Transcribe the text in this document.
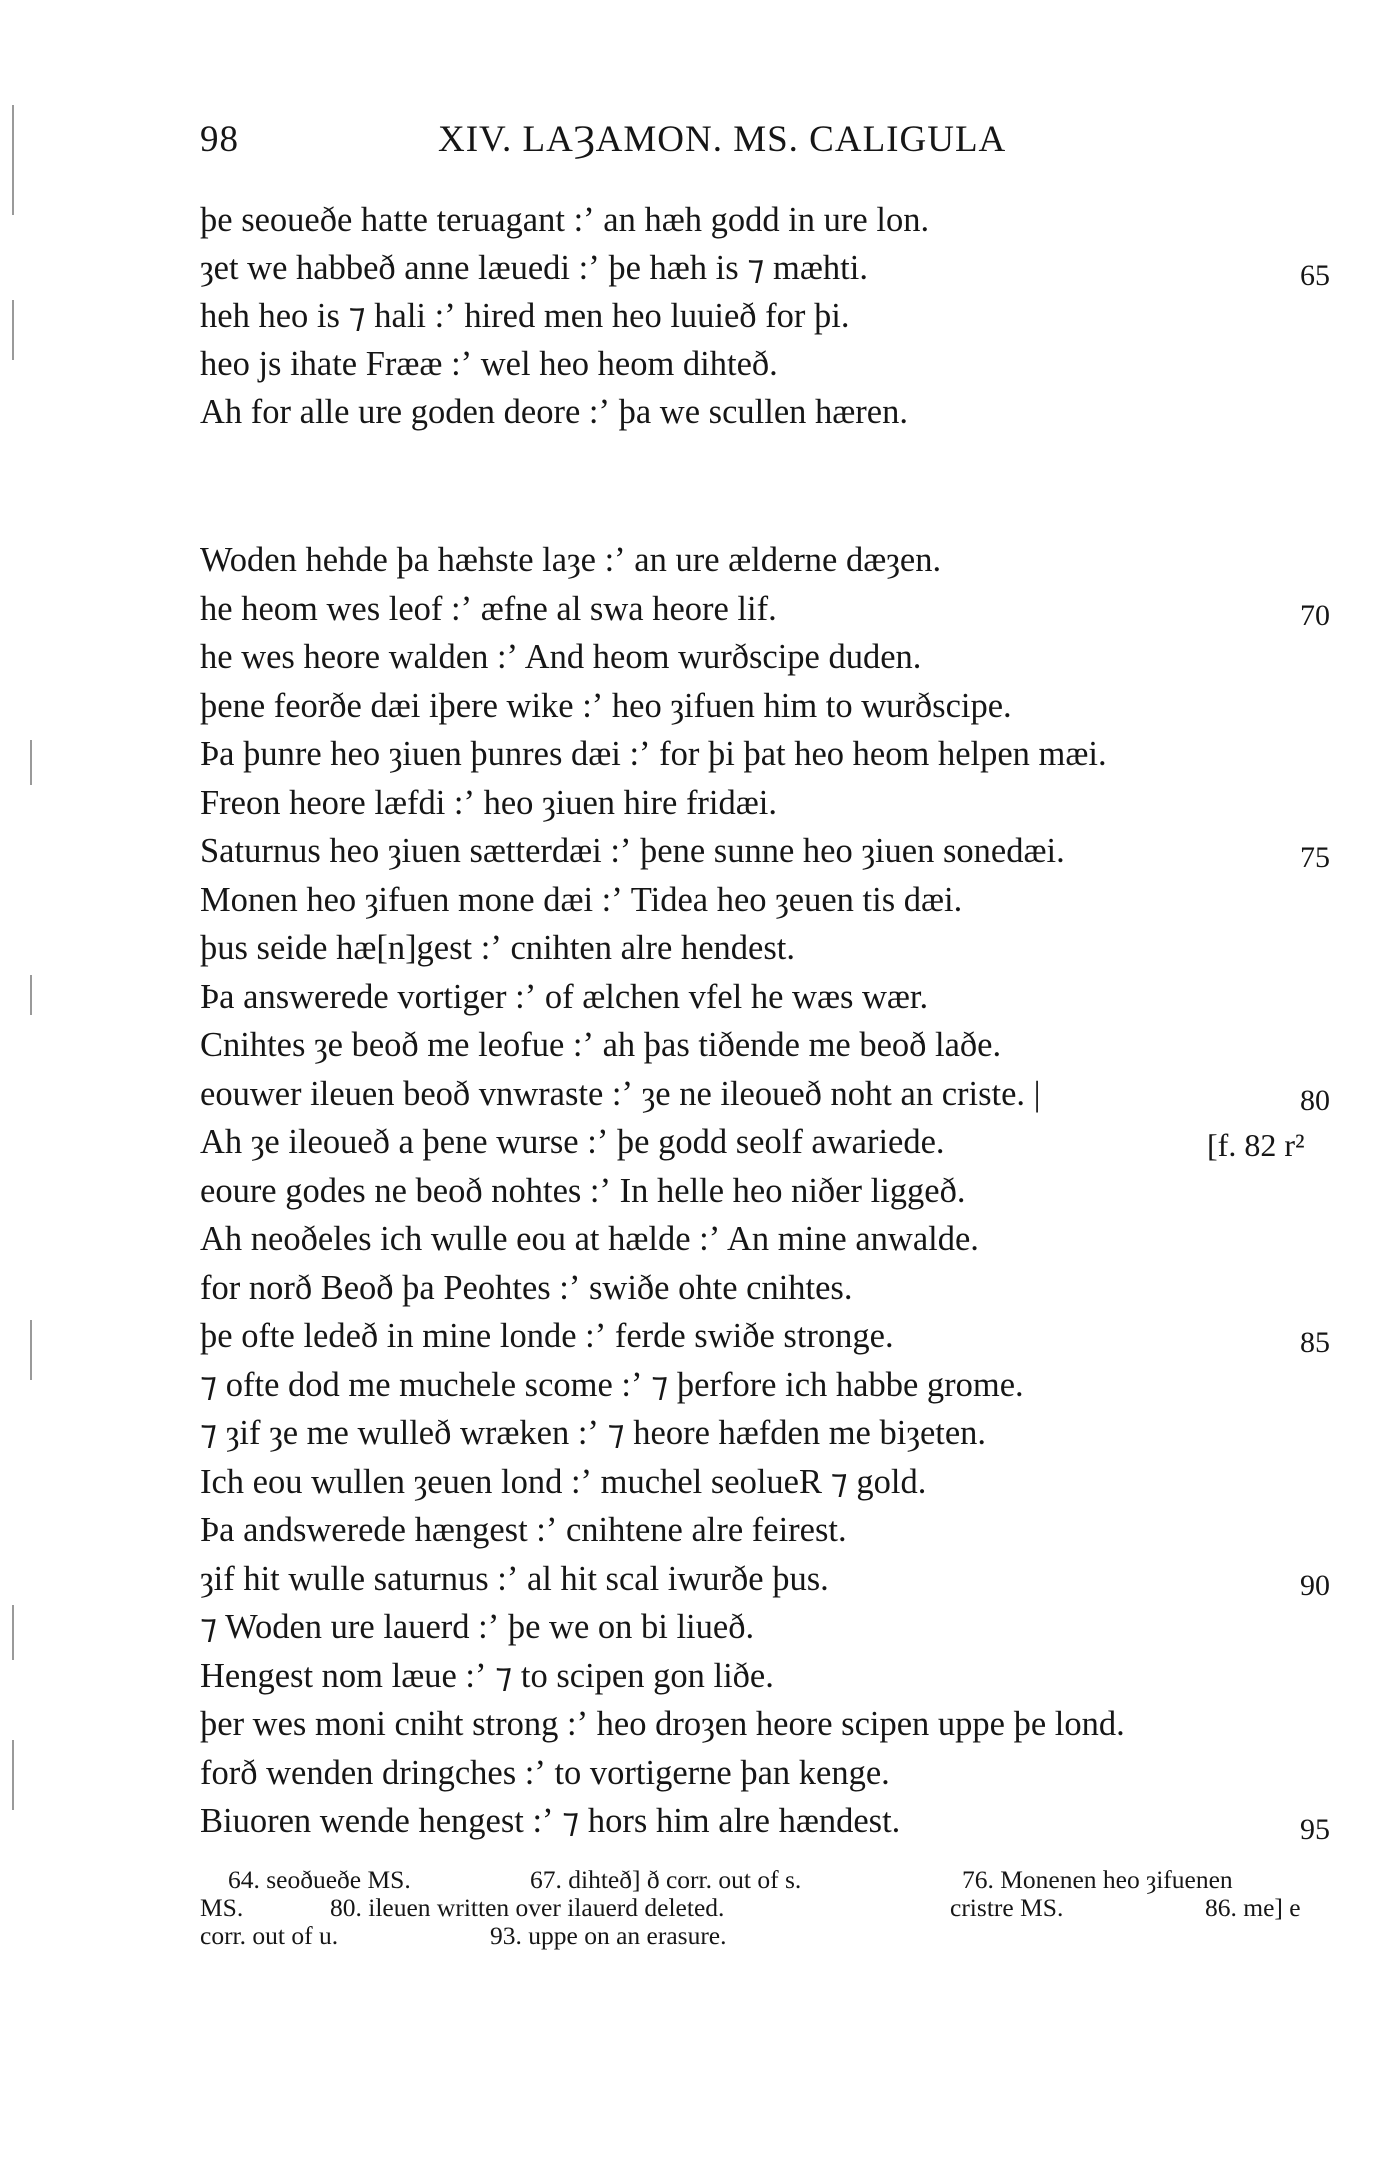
98	XIV. LAȜAMON. MS. CALIGULA
þe seoueðe hatte teruagant :ʼ an hæh godd in ure lon.
ȝet we habbeð anne læuedi :ʼ þe hæh is ⁊ mæhti.
heh heo is ⁊ hali :ʼ hired men heo luuieð for þi.
heo js ihate Frææ :ʼ wel heo heom dihteð.
Ah for alle ure goden deore :ʼ þa we scullen hæren.
Woden hehde þa hæhste laȝe :ʼ an ure ælderne dæȝen.
he heom wes leof :ʼ æfne al swa heore lif.
he wes heore walden :ʼ And heom wurðscipe duden.
þene feorðe dæi iþere wike :ʼ heo ȝifuen him to wurðscipe.
Þa þunre heo ȝiuen þunres dæi :ʼ for þi þat heo heom helpen mæi.
Freon heore læfdi :ʼ heo ȝiuen hire fridæi.
Saturnus heo ȝiuen sætterdæi :ʼ þene sunne heo ȝiuen sonedæi.
Monen heo ȝifuen mone dæi :ʼ Tidea heo ȝeuen tis dæi.
þus seide hæ[n]gest :ʼ cnihten alre hendest.
Þa answerede vortiger :ʼ of ælchen vfel he wæs wær.
Cnihtes ȝe beoð me leofue :ʼ ah þas tiðende me beoð laðe.
eouwer ileuen beoð vnwraste :ʼ ȝe ne ileoueð noht an criste. |
Ah ȝe ileoueð a þene wurse :ʼ þe godd seolf awariede.
eoure godes ne beoð nohtes :ʼ In helle heo niðer liggeð.
Ah neoðeles ich wulle eou at hælde :ʼ An mine anwalde.
for norð Beoð þa Peohtes :ʼ swiðe ohte cnihtes.
þe ofte ledeð in mine londe :ʼ ferde swiðe stronge.
⁊ ofte dod me muchele scome :ʼ ⁊ þerfore ich habbe grome.
⁊ ȝif ȝe me wulleð wræken :ʼ ⁊ heore hæfden me biȝeten.
Ich eou wullen ȝeuen lond :ʼ muchel seolueR ⁊ gold.
Þa andswerede hængest :ʼ cnihtene alre feirest.
ȝif hit wulle saturnus :ʼ al hit scal iwurðe þus.
⁊ Woden ure lauerd :ʼ þe we on bi liueð.
Hengest nom læue :ʼ ⁊ to scipen gon liðe.
þer wes moni cniht strong :ʼ heo droȝen heore scipen uppe þe lond.
forð wenden dringches :ʼ to vortigerne þan kenge.
Biuoren wende hengest :ʼ ⁊ hors him alre hændest.
65
70
75
80
85
90
95
[f. 82 r²
64. seoðueðe MS.	67. dihteð] ð corr. out of s.	76. Monenen heo ȝifuenen
MS.	80. ileuen written over ilauerd deleted.	cristre MS.	86. me] e
corr. out of u.	93. uppe on an erasure.
